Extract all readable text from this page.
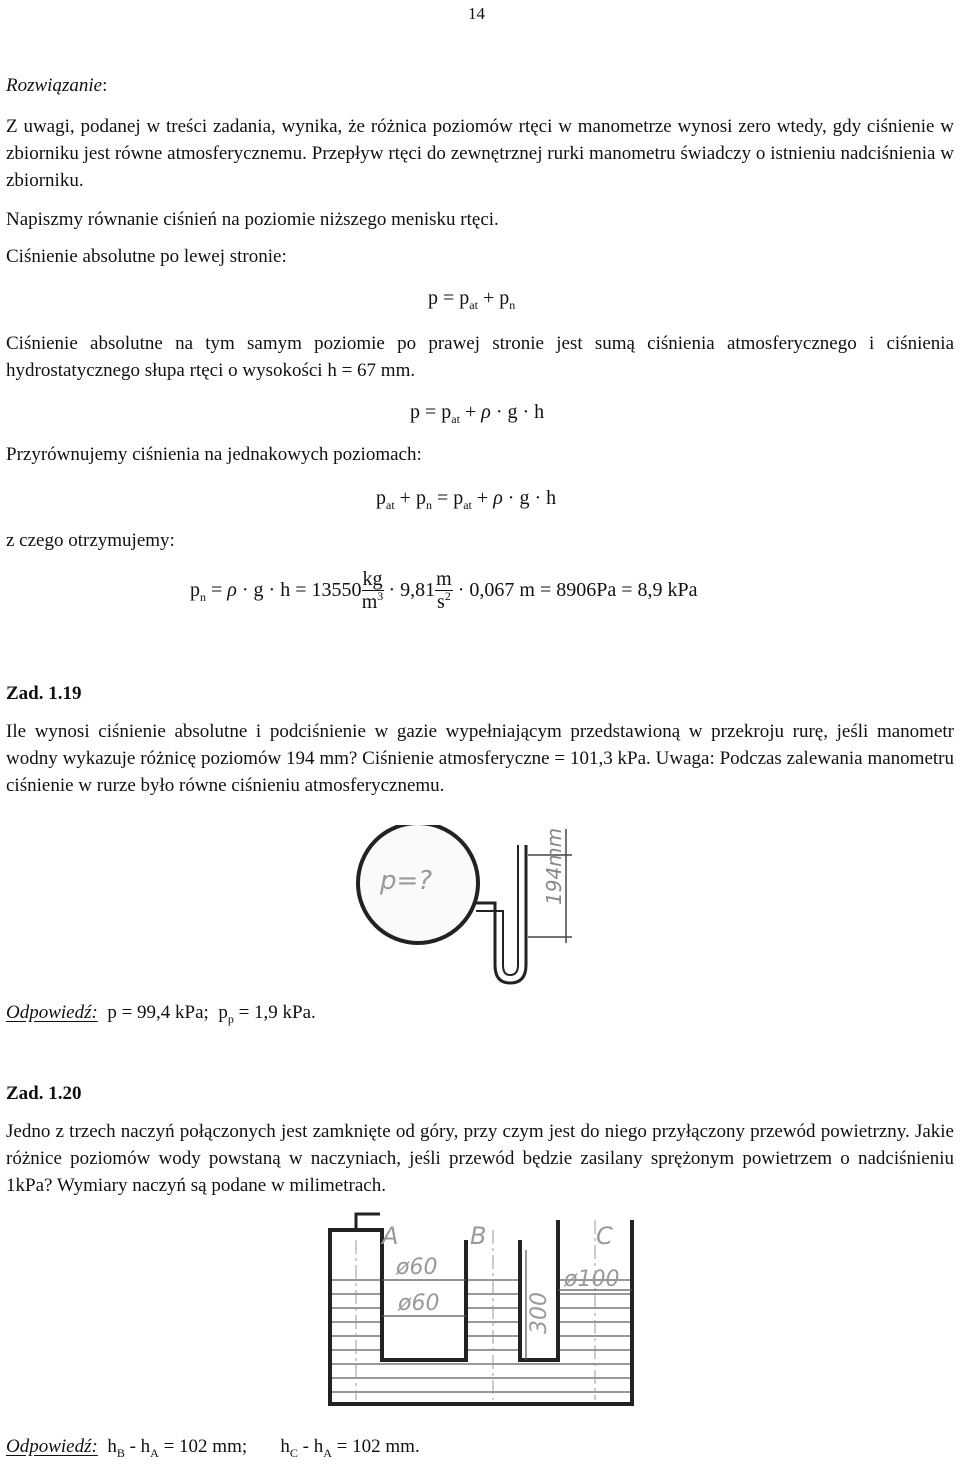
14
Rozwiązanie:
Z uwagi, podanej w treści zadania, wynika, że różnica poziomów rtęci w manometrze wynosi zero wtedy, gdy ciśnienie w zbiorniku jest równe atmosferycznemu. Przepływ rtęci do zewnętrznej rurki manometru świadczy o istnieniu nadciśnienia w zbiorniku.
Napiszmy równanie ciśnień na poziomie niższego menisku rtęci.
Ciśnienie absolutne po lewej stronie:
$p = p_{at} + p_n$
Ciśnienie absolutne na tym samym poziomie po prawej stronie jest sumą ciśnienia atmosferycznego i ciśnienia hydrostatycznego słupa rtęci o wysokości h = 67 mm.
$p = p_{at} + \rho \cdot g \cdot h$
Przyrównujemy ciśnienia na jednakowych poziomach:
$p_{at} + p_n = p_{at} + \rho \cdot g \cdot h$
z czego otrzymujemy:
$p_n = \rho \cdot g \cdot h = 13550 \frac{kg}{m^3} \cdot 9,81 \frac{m}{s^2} \cdot 0,067$ m = 8906Pa = 8,9 kPa
Zad. 1.19
Ile wynosi ciśnienie absolutne i podciśnienie w gazie wypełniającym przedstawioną w przekroju rurę, jeśli manometr wodny wykazuje różnicę poziomów 194 mm? Ciśnienie atmosferyczne = 101,3 kPa. Uwaga: Podczas zalewania manometru ciśnienie w rurze było równe ciśnieniu atmosferycznemu.
p=?	194mm
Odpowiedź: p = 99,4 kPa; $p_p = 1,9$ kPa.
Zad. 1.20
Jedno z trzech naczyń połączonych jest zamknięte od góry, przy czym jest do niego przyłączony przewód powietrzny. Jakie różnice poziomów wody powstaną w naczyniach, jeśli przewód będzie zasilany sprężonym powietrzem o nadciśnieniu 1kPa? Wymiary naczyń są podane w milimetrach.
A	B	C
ø60
ø60
ø100
300
Odpowiedź: $h_B - h_A = 102$ mm; $h_C - h_A = 102$ mm.
